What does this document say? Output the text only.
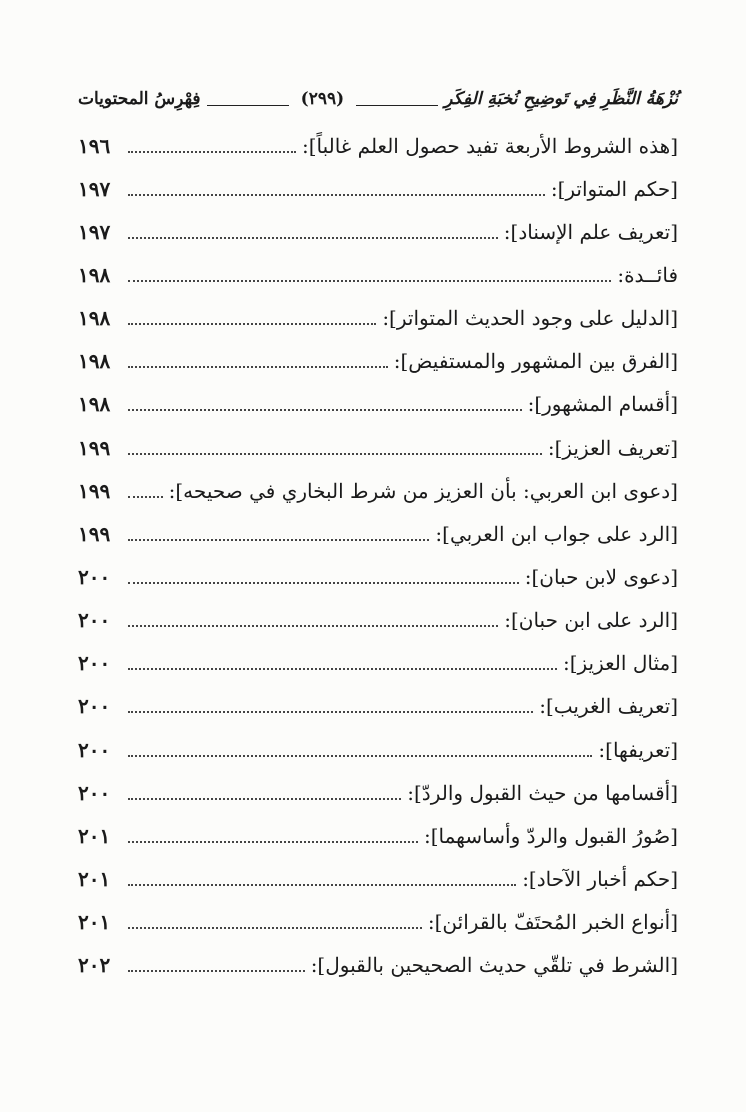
نُزْهَةُ النَّظَرِ فِي تَوضِيحِ نُخبَةِ الفِكَرِ
(٢٩٩)
فِهْرِسُ المحتويات
[هذه الشروط الأربعة تفيد حصول العلم غالباً]:
١٩٦
[حكم المتواتر]:
١٩٧
[تعريف علم الإسناد]:
١٩٧
فائــدة:
١٩٨
[الدليل على وجود الحديث المتواتر]:
١٩٨
[الفرق بين المشهور والمستفيض]:
١٩٨
[أقسام المشهور]:
١٩٨
[تعريف العزيز]:
١٩٩
[دعوى ابن العربي: بأن العزيز من شرط البخاري في صحيحه]:
١٩٩
[الرد على جواب ابن العربي]:
١٩٩
[دعوى لابن حبان]:
٢٠٠
[الرد على ابن حبان]:
٢٠٠
[مثال العزيز]:
٢٠٠
[تعريف الغريب]:
٢٠٠
[تعريفها]:
٢٠٠
[أقسامها من حيث القبول والردّ]:
٢٠٠
[صُورُ القبول والردّ وأساسهما]:
٢٠١
[حكم أخبار الآحاد]:
٢٠١
[أنواع الخبر المُحتَفّ بالقرائن]:
٢٠١
[الشرط في تلقّي حديث الصحيحين بالقبول]:
٢٠٢
